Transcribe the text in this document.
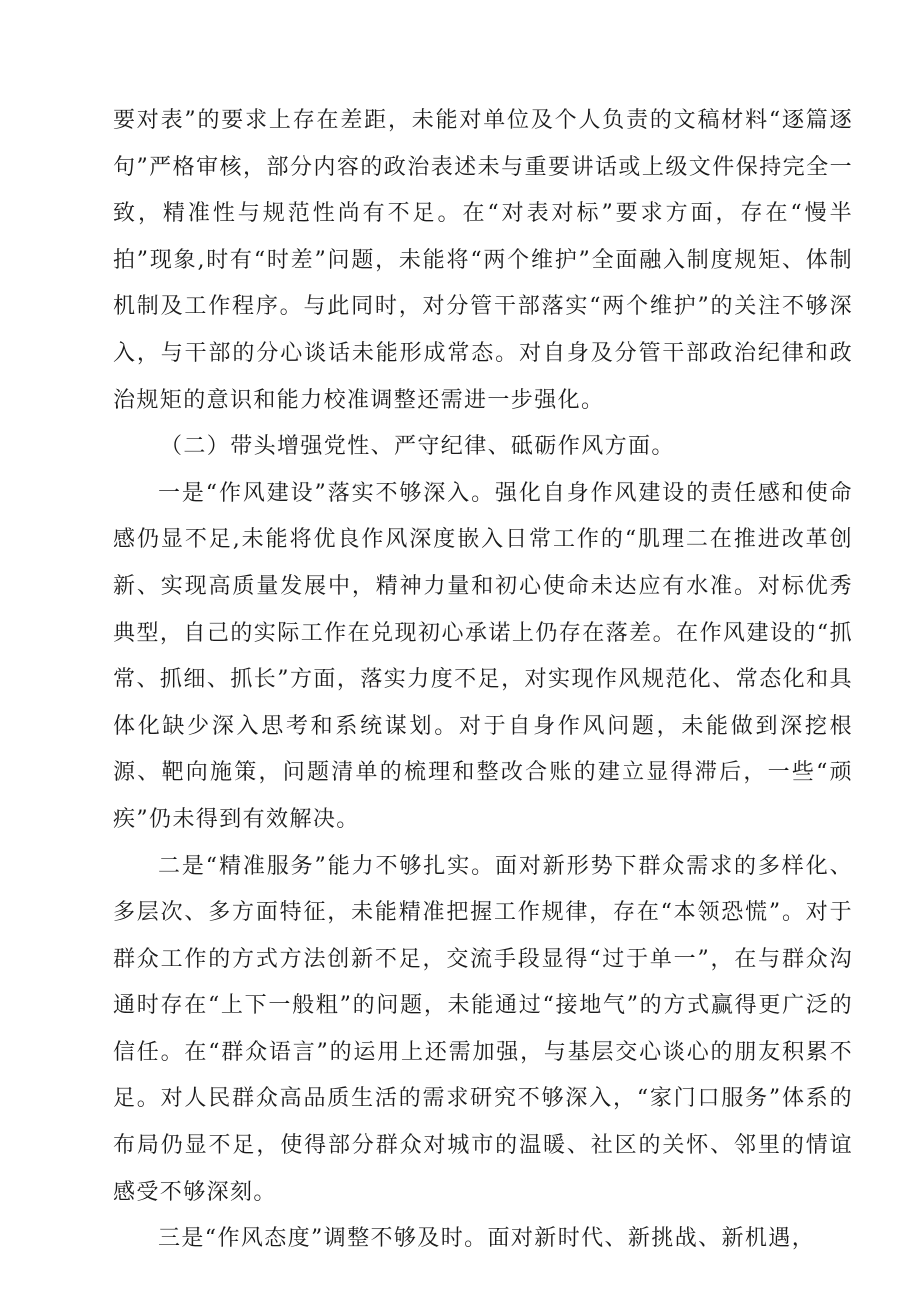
要对表”的要求上存在差距，未能对单位及个人负责的文稿材料“逐篇逐句”严格审核，部分内容的政治表述未与重要讲话或上级文件保持完全一致，精准性与规范性尚有不足。在“对表对标”要求方面，存在“慢半拍”现象,时有“时差”问题，未能将“两个维护”全面融入制度规矩、体制机制及工作程序。与此同时，对分管干部落实“两个维护”的关注不够深入，与干部的分心谈话未能形成常态。对自身及分管干部政治纪律和政治规矩的意识和能力校准调整还需进一步强化。

（二）带头增强党性、严守纪律、砥砺作风方面。

一是“作风建设”落实不够深入。强化自身作风建设的责任感和使命感仍显不足,未能将优良作风深度嵌入日常工作的“肌理二在推进改革创新、实现高质量发展中，精神力量和初心使命未达应有水准。对标优秀典型，自己的实际工作在兑现初心承诺上仍存在落差。在作风建设的“抓常、抓细、抓长”方面，落实力度不足，对实现作风规范化、常态化和具体化缺少深入思考和系统谋划。对于自身作风问题，未能做到深挖根源、靶向施策，问题清单的梳理和整改合账的建立显得滞后，一些“顽疾”仍未得到有效解决。

二是“精准服务”能力不够扎实。面对新形势下群众需求的多样化、多层次、多方面特征，未能精准把握工作规律，存在“本领恐慌”。对于群众工作的方式方法创新不足，交流手段显得“过于单一”，在与群众沟通时存在“上下一般粗”的问题，未能通过“接地气”的方式赢得更广泛的信任。在“群众语言”的运用上还需加强，与基层交心谈心的朋友积累不足。对人民群众高品质生活的需求研究不够深入，“家门口服务”体系的布局仍显不足，使得部分群众对城市的温暖、社区的关怀、邻里的情谊感受不够深刻。

三是“作风态度”调整不够及时。面对新时代、新挑战、新机遇，
